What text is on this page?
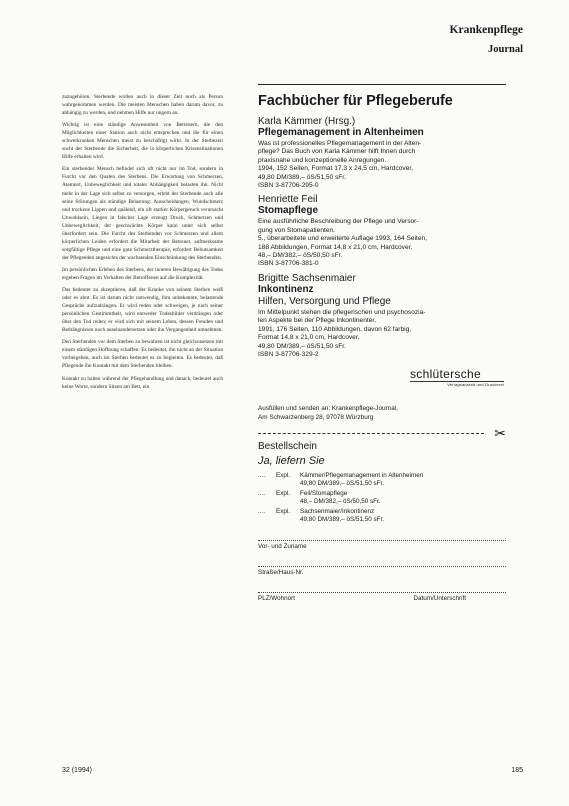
Krankenpflege
Journal

zuzugehören. Sterbende wollen auch in dieser Zeit noch als Person wahrgenommen werden. Die meisten Menschen haben darum davor, zu abhängig zu werden, und nehmen Hilfe nur ungern an.

Wichtig ist eine ständige Anwesenheit von Betreuern, die den Möglichkeiten einer Station auch nicht entsprechen und die für einen schwerkranken Menschen meist zu beschäftigt wirkt. In der Sterbezeit sucht der Sterbende die Sicherheit, die in körperlichen Krisensituationen Hilfe erhalten wird.

Ein sterbender Mensch befindet sich oft nicht nur im Tod, sondern in Furcht vor den Qualen des Sterbens. Die Erwartung von Schmerzen, Atemnot, Unbeweglichkeit und totaler Abhängigkeit belasten ihn. Nicht mehr in der Lage sich selbst zu versorgen, erlebt der Sterbende auch alle seine Störungen als ständige Belastung: Ausscheidungen, Wundschmerz und trockene Lippen und quälend, ein oft starker Körpergeruch verursacht Unwohlsein, Liegen in falscher Lage erzeugt Druck, Schmerzen und Unbeweglichkeit, der geschwächte Körper kann unter sich selbst überfordert sein. Die Furcht des Sterbenden vor Schmerzen und allem körperlichen Leiden erfordert die Mitarbeit der Betreuer, aufmerksame sorgfältige Pflege und eine gute Schmerztherapie, erfordert Behutsamkeit der Pflegenden angesichts der wachsenden Einschränkung des Sterbenden.

Im persönlichen Erleben des Sterbens, der inneren Bewältigung des Todes ergeben Fragen im Verhalten der Betroffenen auf die Komplexität.

Das bedeutet zu akzeptieren, daß der Kranke von seinem Sterben weiß oder es ahnt. Es ist darum nicht notwendig, ihm unbekannte, belastende Gespräche aufzudrängen. Er wird reden oder schweigen, je nach seiner persönlichen Gestimmtheit, wird entweder Todesbilder verdrängen oder über den Tod reden; er wird sich mit seinem Leben, dessen Freuden und Bedrängnissen noch auseinandersetzen oder ihn Vergangenheit umnehmen.

Den Sterbenden vor dem Sterben zu bewahren ist nicht gleichzusetzen mit einem ständigen Hoffnung schaffen: Es bedeutet, ihn nicht an der Situation vorbeigehen, auch im Sterben bedeutet es zu begleiten. Es bedeutet, daß Pflegende ihn Kontakt mit dem Sterbenden bleiben.

Kontakt zu halten während der Pflegehandlung und danach, bedeutet auch keine Worte, sondern Sitzen am Bett, ein

Fachbücher für Pflegeberufe
Karla Kämmer (Hrsg.)
Pflegemanagement in Altenheimen
Was ist professionelles Pflegemanagement in der Alten-
pflege? Das Buch von Karla Kämmer hilft Ihnen durch
praxisnahe und konzeptionelle Anregungen.
1994, 152 Seiten, Format 17,3 x 24,5 cm, Hardcover,
49,80 DM/389,– öS/51,50 sFr.
ISBN 3-87706-295-0
Henriette Feil
Stomapflege
Eine ausführliche Beschreibung der Pflege und Versor-
gung von Stomapatienten.
5., überarbeitete und erweiterte Auflage 1993, 164 Seiten,
188 Abbildungen, Format 14,8 x 21,0 cm, Hardcover,
48,– DM/382,– öS/50,50 sFr.
ISBN 3-87706-381-0
Brigitte Sachsenmaier
Inkontinenz
Hilfen, Versorgung und Pflege
Im Mittelpunkt stehen die pflegerischen und psychosozia-
len Aspekte bei der Pflege Inkontinenter.
1991, 176 Seiten, 110 Abbildungen, davon 62 farbig,
Format 14,8 x 21,0 cm, Hardcover,
49,80 DM/389,– öS/51,50 sFr.
ISBN 3-87706-329-2
schlütersche
Verlagsanstalt und Druckerei
Ausfüllen und senden an: Krankenpflege-Journal,
Am Schwarzenberg 28, 97078 Würzburg
✂
Bestellschein
Ja, liefern Sie
....	Expl.	Kämmer/Pflegemanagement in Altenheimen
49,80 DM/389,– öS/51,50 sFr.
....	Expl.	Feil/Stomapflege
48,– DM/382,– öS/50,50 sFr.
....	Expl.	Sachsenmaier/Inkontinenz
49,80 DM/389,– öS/51,50 sFr.
Vor- und Zuname
Straße/Haus-Nr.
PLZ/Wohnort	Datum/Unterschrift
32 (1994)	185
